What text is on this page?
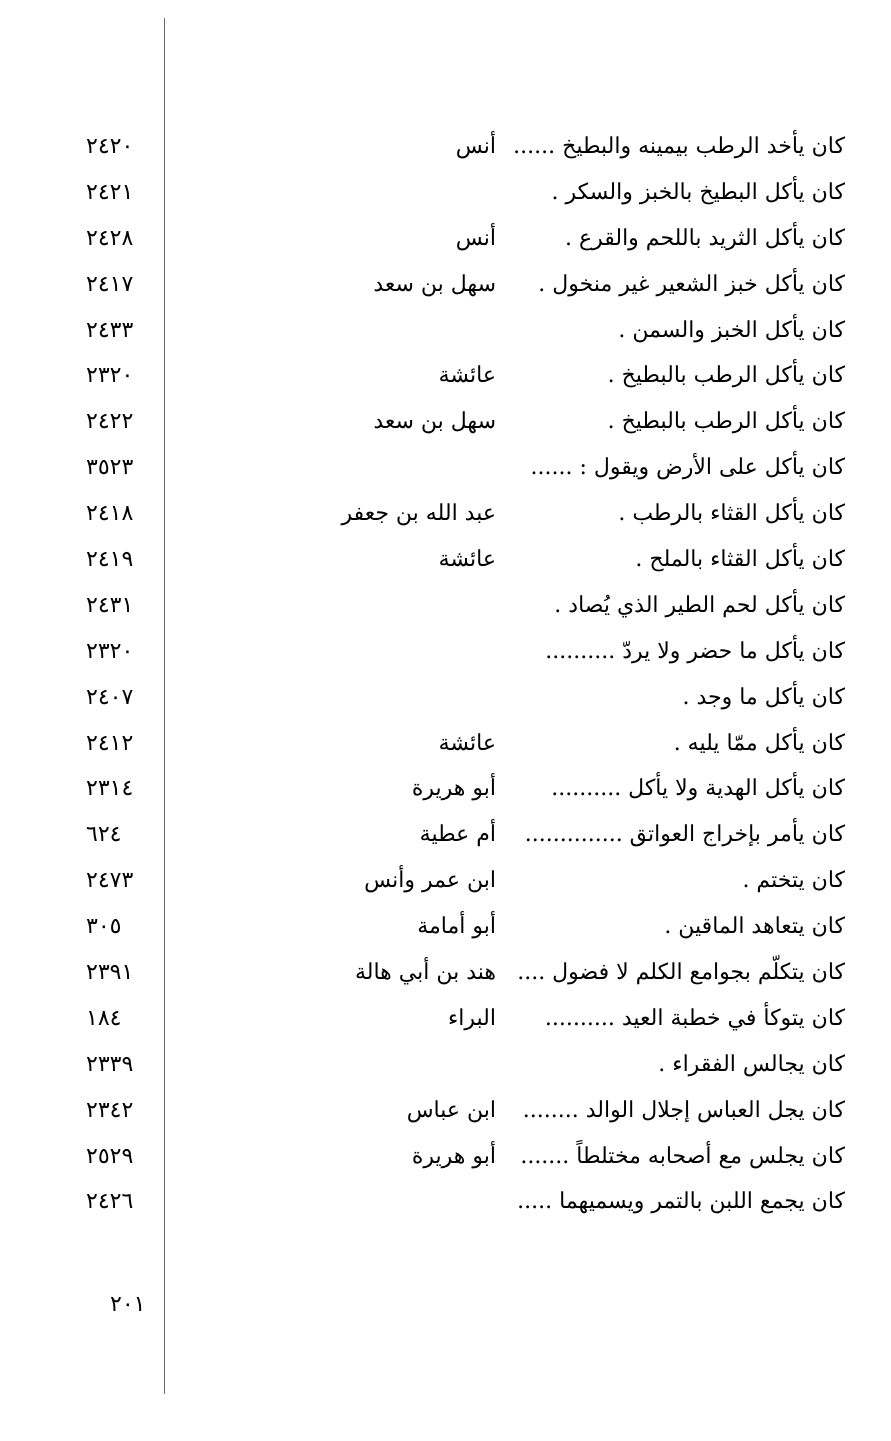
كان يأخد الرطب بيمينه والبطيخ ......
أنس
٢٤٢٠
كان يأكل البطيخ بالخبز والسكر .
٢٤٢١
كان يأكل الثريد باللحم والقرع .
أنس
٢٤٢٨
كان يأكل خبز الشعير غير منخول .
سهل بن سعد
٢٤١٧
كان يأكل الخبز والسمن .
٢٤٣٣
كان يأكل الرطب بالبطيخ .
عائشة
٢٣٢٠
كان يأكل الرطب بالبطيخ .
سهل بن سعد
٢٤٢٢
كان يأكل على الأرض ويقول : ......
٣٥٢٣
كان يأكل القثاء بالرطب .
عبد الله بن جعفر
٢٤١٨
كان يأكل القثاء بالملح .
عائشة
٢٤١٩
كان يأكل لحم الطير الذي يُصاد .
٢٤٣١
كان يأكل ما حضر ولا يردّ ..........
٢٣٢٠
كان يأكل ما وجد .
٢٤٠٧
كان يأكل ممّا يليه .
عائشة
٢٤١٢
كان يأكل الهدية ولا يأكل ..........
أبو هريرة
٢٣١٤
كان يأمر بإخراج العواتق ..............
أم عطية
٦٢٤
كان يتختم .
ابن عمر وأنس
٢٤٧٣
كان يتعاهد الماقين .
أبو أمامة
٣٠٥
كان يتكلّم بجوامع الكلم لا فضول ....
هند بن أبي هالة
٢٣٩١
كان يتوكأ في خطبة العيد ..........
البراء
١٨٤
كان يجالس الفقراء .
٢٣٣٩
كان يجل العباس إجلال الوالد ........
ابن عباس
٢٣٤٢
كان يجلس مع أصحابه مختلطاً .......
أبو هريرة
٢٥٢٩
كان يجمع اللبن بالتمر ويسميهما .....
٢٤٢٦
٢٠١
